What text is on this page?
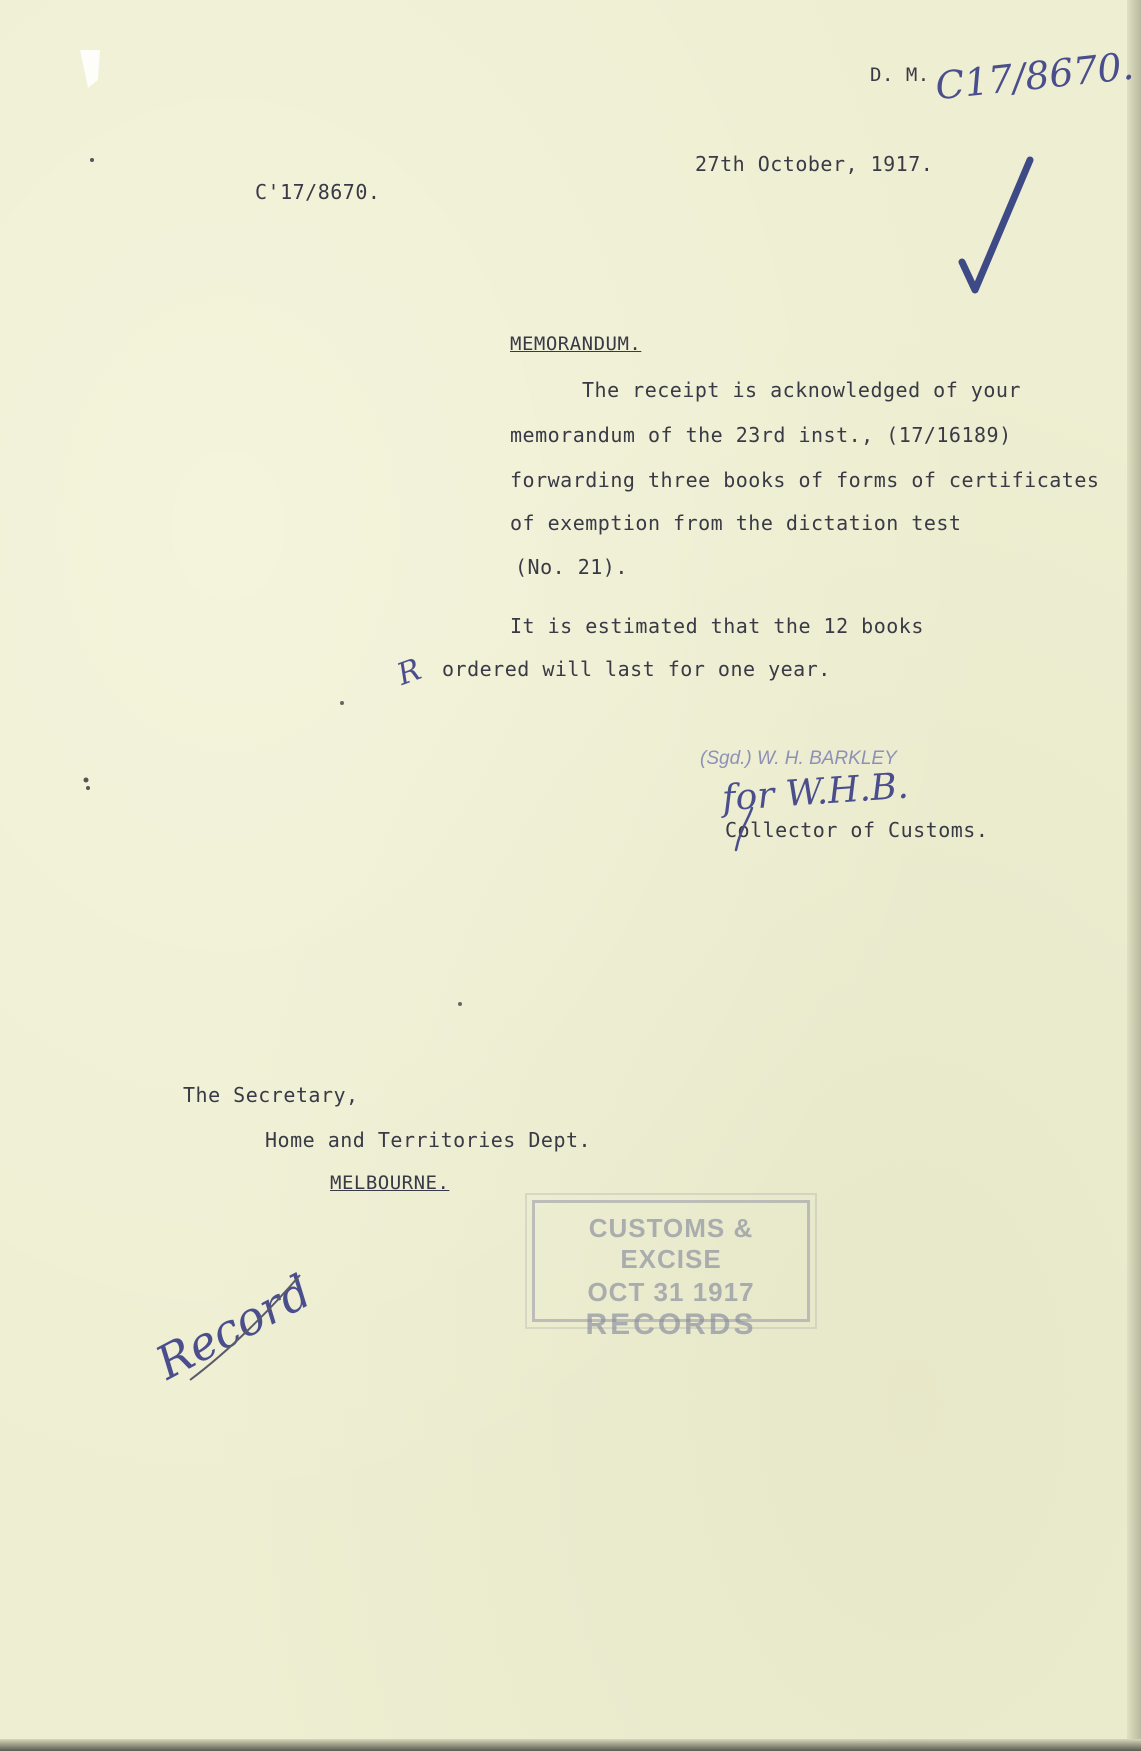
D. M. C17/8670.
27th October, 1917.
C'17/8670.
MEMORANDUM.
The receipt is acknowledged of your
memorandum of the 23rd inst., (17/16189)
forwarding three books of forms of certificates
of exemption from the dictation test
(No. 21).
It is estimated that the 12 books
ordered will last for one year.
R
(Sgd.) W. H. BARKLEY
for W.H.B.
Collector of Customs.
The Secretary,
Home and Territories Dept.
MELBOURNE.
CUSTOMS & EXCISE
OCT 31 1917
RECORDS
Record
